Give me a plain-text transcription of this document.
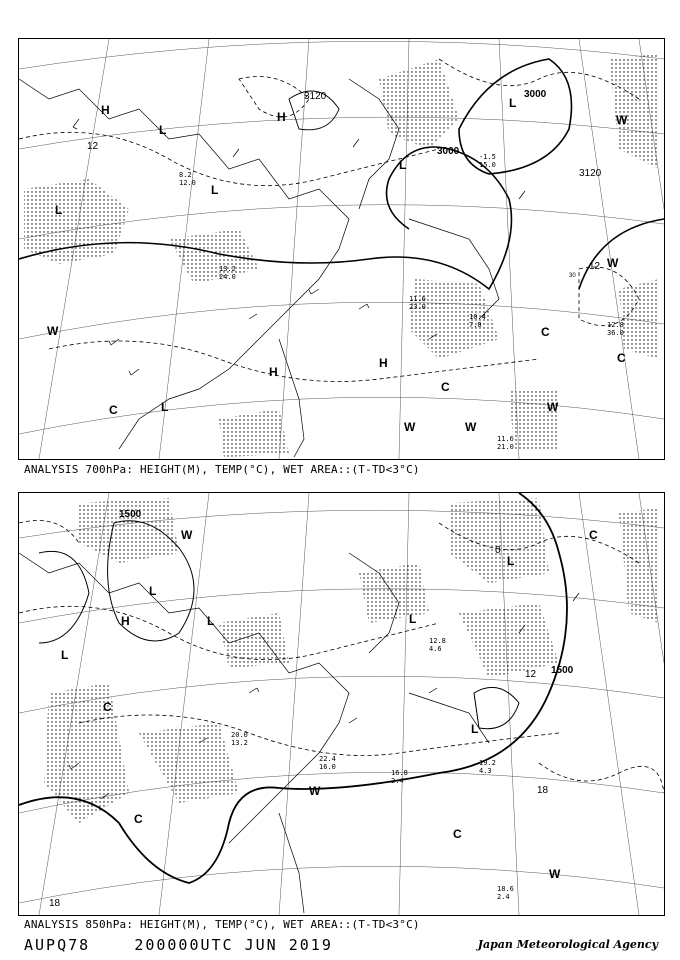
3120
3000
3000
3120
12
12
30
H
L
L
H
L
L
H
H
L
C
W	W
W
C
C
W
W
W
C
L
11.6
21.0
12.8
36.0
10.4
7.0
11.6
23.0
13.2
24.0
-1.5
15.0
8.2
12.0
ANALYSIS 700hPa: HEIGHT(M), TEMP(°C), WET AREA::(T-TD<3°C)
1500
1500
12
18
18
0
L
H
L
L	L
L
L
C
W
C
W
C
C
W
18.6
2.4
19.2
4.3
16.8
2.4
20.0
13.2
22.4
16.0
12.8
4.6
ANALYSIS 850hPa: HEIGHT(M), TEMP(°C), WET AREA::(T-TD<3°C)
AUPQ78	200000UTC JUN 2019	Japan Meteorological Agency
